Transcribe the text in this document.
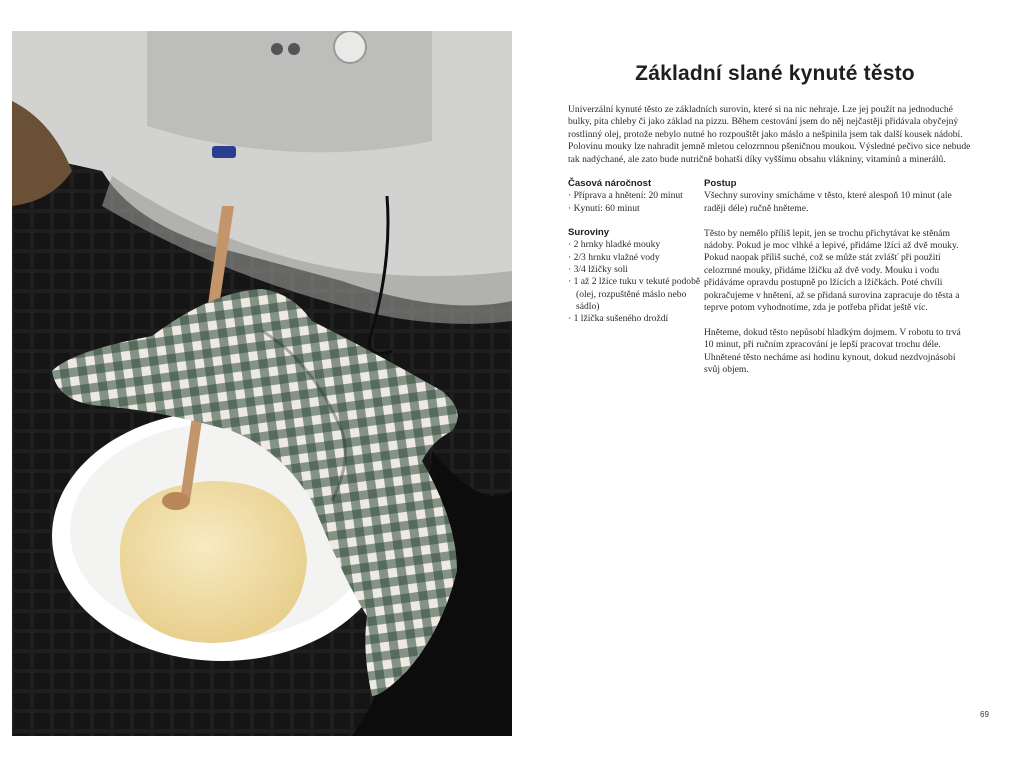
Základní slané kynuté těsto

Univerzální kynuté těsto ze základních surovin, které si na nic nehraje. Lze jej použít na jednoduché bulky, pita chleby či jako základ na pizzu. Během cestování jsem do něj nejčastěji přidávala obyčejný rostlinný olej, protože nebylo nutné ho rozpouštět jako máslo a nešpinila jsem tak další kousek nádobí. Polovinu mouky lze nahradit jemně mletou celozrnnou pšeničnou moukou. Výsledné pečivo sice nebude tak nadýchané, ale zato bude nutričně bohatší díky vyššímu obsahu vlákniny, vitamínů a minerálů.

Časová náročnost

· Příprava a hnětení: 20 minut
· Kynutí: 60 minut

Suroviny

· 2 hrnky hladké mouky
· 2/3 hrnku vlažné vody
· 3/4 lžičky soli
· 1 až 2 lžíce tuku v tekuté podobě (olej, rozpuštěné máslo nebo sádlo)
· 1 lžička sušeného droždí

Postup

Všechny suroviny smícháme v těsto, které alespoň 10 minut (ale raději déle) ručně hněteme.

Těsto by nemělo příliš lepit, jen se trochu přichytávat ke stěnám nádoby. Pokud je moc vlhké a lepivé, přidáme lžíci až dvě mouky. Pokud naopak příliš suché, což se může stát zvlášť při použití celozrnné mouky, přidáme lžičku až dvě vody. Mouku i vodu přidáváme opravdu postupně po lžících a lžičkách. Poté chvíli pokračujeme v hnětení, až se přidaná surovina zapracuje do těsta a teprve potom vyhodnotíme, zda je potřeba přidat ještě víc.

Hněteme, dokud těsto nepůsobí hladkým dojmem. V robotu to trvá 10 minut, při ručním zpracování je lepší pracovat trochu déle. Uhnětené těsto necháme asi hodinu kynout, dokud nezdvojnásobí svůj objem.

69
